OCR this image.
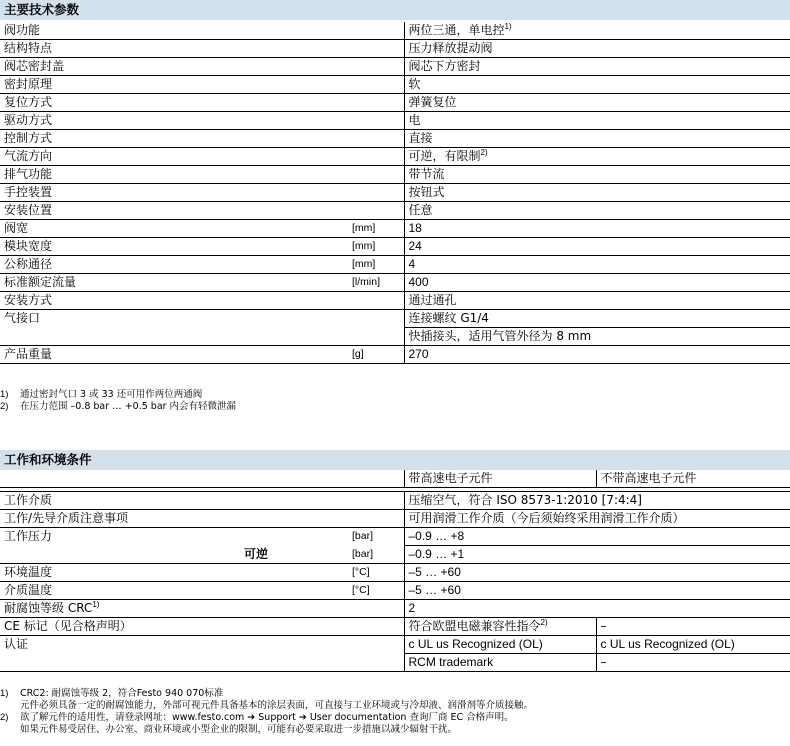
主要技术参数
阀功能		两位三通，单电控$^{1)}$
结构特点		压力释放提动阀
阀芯密封盖		阀芯下方密封
密封原理		软
复位方式		弹簧复位
驱动方式		电
控制方式		直接
气流方向		可逆，有限制$^{2)}$
排气功能		带节流
手控装置		按钮式
安装位置		任意
阀宽	[mm]	18
模块宽度	[mm]	24
公称通径	[mm]	4
标准额定流量	[l/min]	400
安装方式		通过通孔
气接口		连接螺纹 G1/4
		快插接头，适用气管外径为 8 mm
产品重量	[g]	270
1)	通过密封气口 3 或 33 还可用作两位两通阀
2)	在压力范围 –0.8 bar … +0.5 bar 内会有轻微泄漏
工作和环境条件
		带高速电子元件	不带高速电子元件

工作介质		压缩空气，符合 ISO 8573-1:2010 [7:4:4]	
工作/先导介质注意事项		可用润滑工作介质（今后须始终采用润滑工作介质）	
工作压力	[bar]	–0.9 … +8	
可逆	[bar]	–0.9 … +1	
环境温度	[°C]	–5 … +60	
介质温度	[°C]	–5 … +60	
耐腐蚀等级 CRC$^{1)}$		2	
CE 标记（见合格声明）		符合欧盟电磁兼容性指令$^{2)}$	–
认证		c UL us Recognized (OL)	c UL us Recognized (OL)
		RCM trademark	–
1)	CRC2: 耐腐蚀等级 2，符合Festo 940 070标准
元件必须具备一定的耐腐蚀能力，外部可视元件具备基本的涂层表面，可直接与工业环境或与冷却液、润滑剂等介质接触。
2)	欲了解元件的适用性，请登录网址：www.festo.com ➔ Support ➔ User documentation 查询厂商 EC 合格声明。
如果元件易受居住、办公室、商业环境或小型企业的限制，可能有必要采取进一步措施以减少辐射干扰。
